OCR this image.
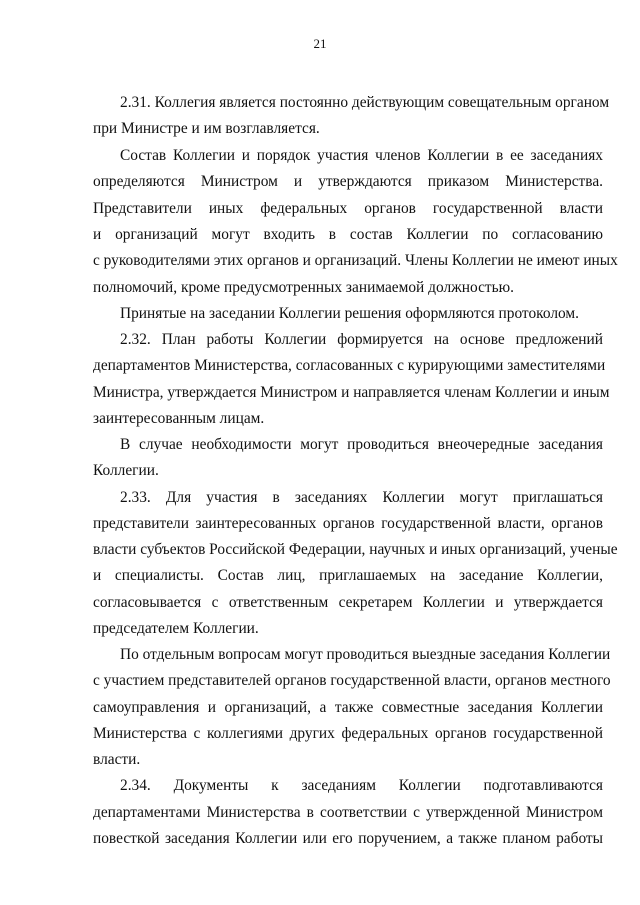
21
2.31. Коллегия является постоянно действующим совещательным органом
при Министре и им возглавляется.
Состав Коллегии и порядок участия членов Коллегии в ее заседаниях
определяются Министром и утверждаются приказом Министерства.
Представители иных федеральных органов государственной власти
и организаций могут входить в состав Коллегии по согласованию
с руководителями этих органов и организаций. Члены Коллегии не имеют иных
полномочий, кроме предусмотренных занимаемой должностью.
Принятые на заседании Коллегии решения оформляются протоколом.
2.32. План работы Коллегии формируется на основе предложений
департаментов Министерства, согласованных с курирующими заместителями
Министра, утверждается Министром и направляется членам Коллегии и иным
заинтересованным лицам.
В случае необходимости могут проводиться внеочередные заседания
Коллегии.
2.33. Для участия в заседаниях Коллегии могут приглашаться
представители заинтересованных органов государственной власти, органов
власти субъектов Российской Федерации, научных и иных организаций, ученые
и специалисты. Состав лиц, приглашаемых на заседание Коллегии,
согласовывается с ответственным секретарем Коллегии и утверждается
председателем Коллегии.
По отдельным вопросам могут проводиться выездные заседания Коллегии
с участием представителей органов государственной власти, органов местного
самоуправления и организаций, а также совместные заседания Коллегии
Министерства с коллегиями других федеральных органов государственной
власти.
2.34. Документы к заседаниям Коллегии подготавливаются
департаментами Министерства в соответствии с утвержденной Министром
повесткой заседания Коллегии или его поручением, а также планом работы
